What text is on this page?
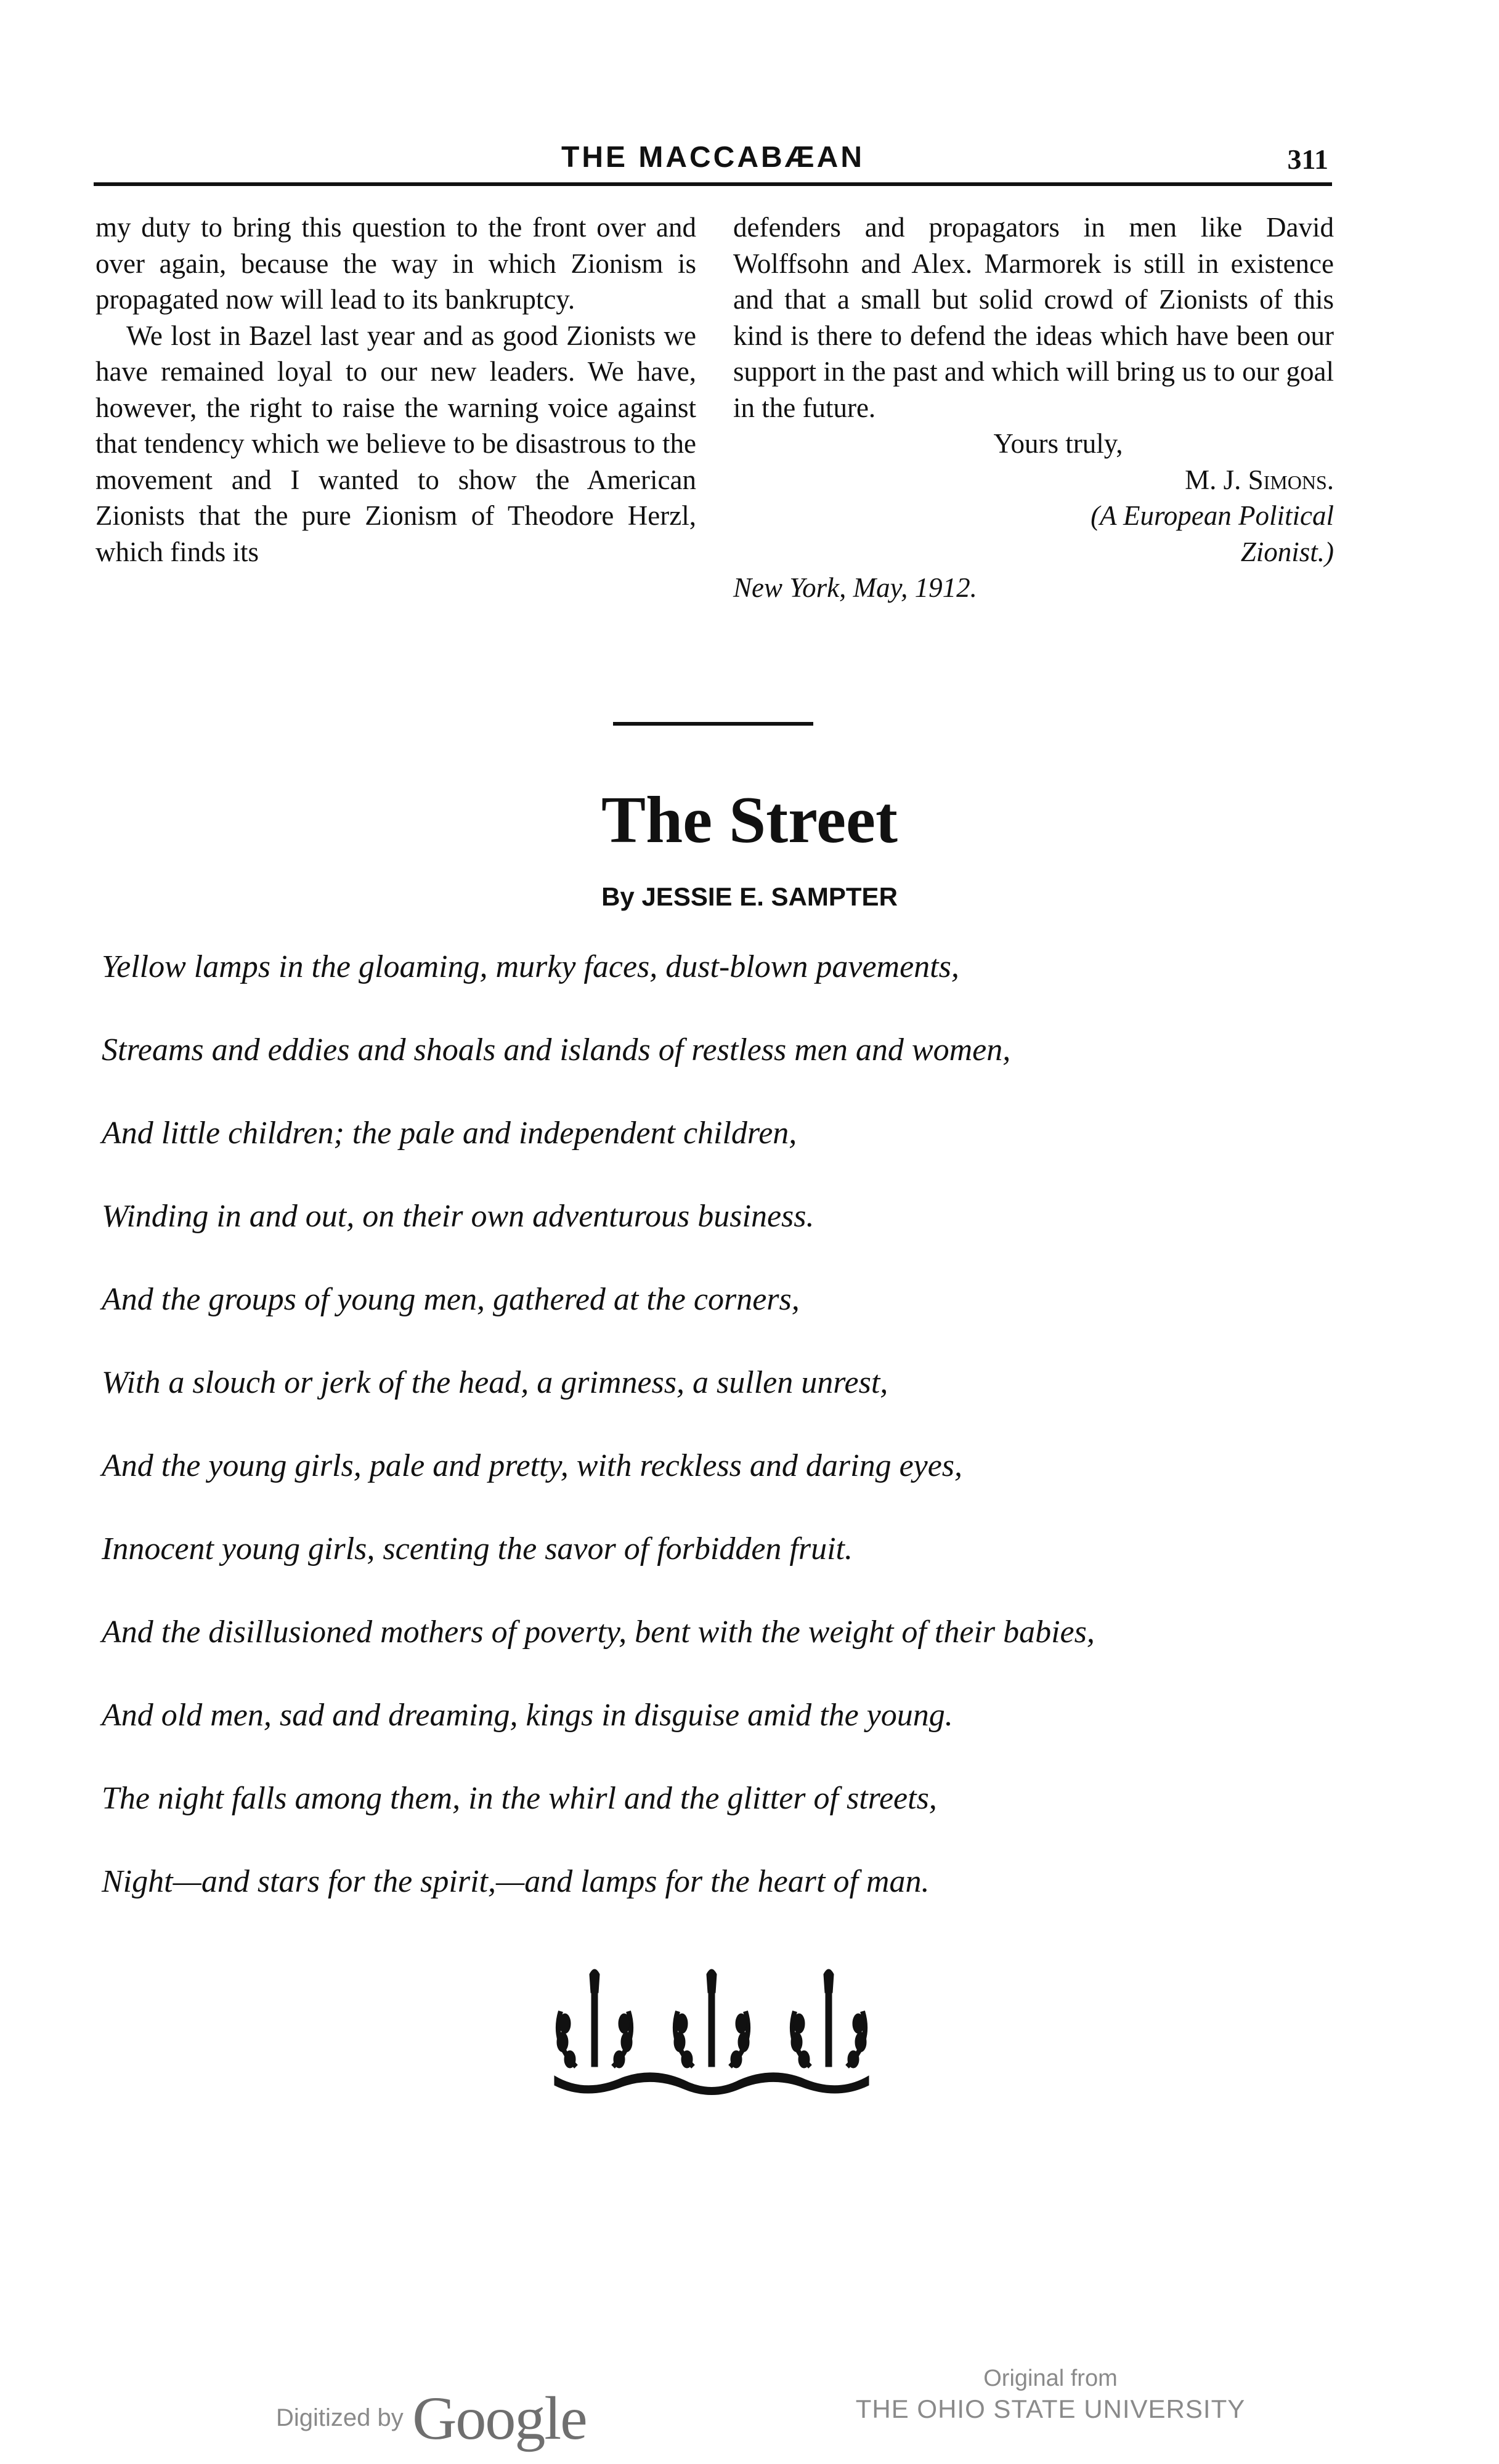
THE MACCABÆAN	311

my duty to bring this question to the front over and over again, because the way in which Zionism is propagated now will lead to its bankruptcy.

We lost in Bazel last year and as good Zionists we have remained loyal to our new leaders. We have, however, the right to raise the warning voice against that tendency which we believe to be disastrous to the movement and I wanted to show the American Zionists that the pure Zionism of Theodore Herzl, which finds its

defenders and propagators in men like David Wolffsohn and Alex. Marmorek is still in existence and that a small but solid crowd of Zionists of this kind is there to defend the ideas which have been our support in the past and which will bring us to our goal in the future.

Yours truly,
M. J. Simons.
(A European Political
Zionist.)
New York, May, 1912.
The Street
By JESSIE E. SAMPTER
Yellow lamps in the gloaming, murky faces, dust-blown pavements,
Streams and eddies and shoals and islands of restless men and women,
And little children; the pale and independent children,
Winding in and out, on their own adventurous business.
And the groups of young men, gathered at the corners,
With a slouch or jerk of the head, a grimness, a sullen unrest,
And the young girls, pale and pretty, with reckless and daring eyes,
Innocent young girls, scenting the savor of forbidden fruit.
And the disillusioned mothers of poverty, bent with the weight of their babies,
And old men, sad and dreaming, kings in disguise amid the young.
The night falls among them, in the whirl and the glitter of streets,
Night—and stars for the spirit,—and lamps for the heart of man.
Digitized by Google
Original from
THE OHIO STATE UNIVERSITY
